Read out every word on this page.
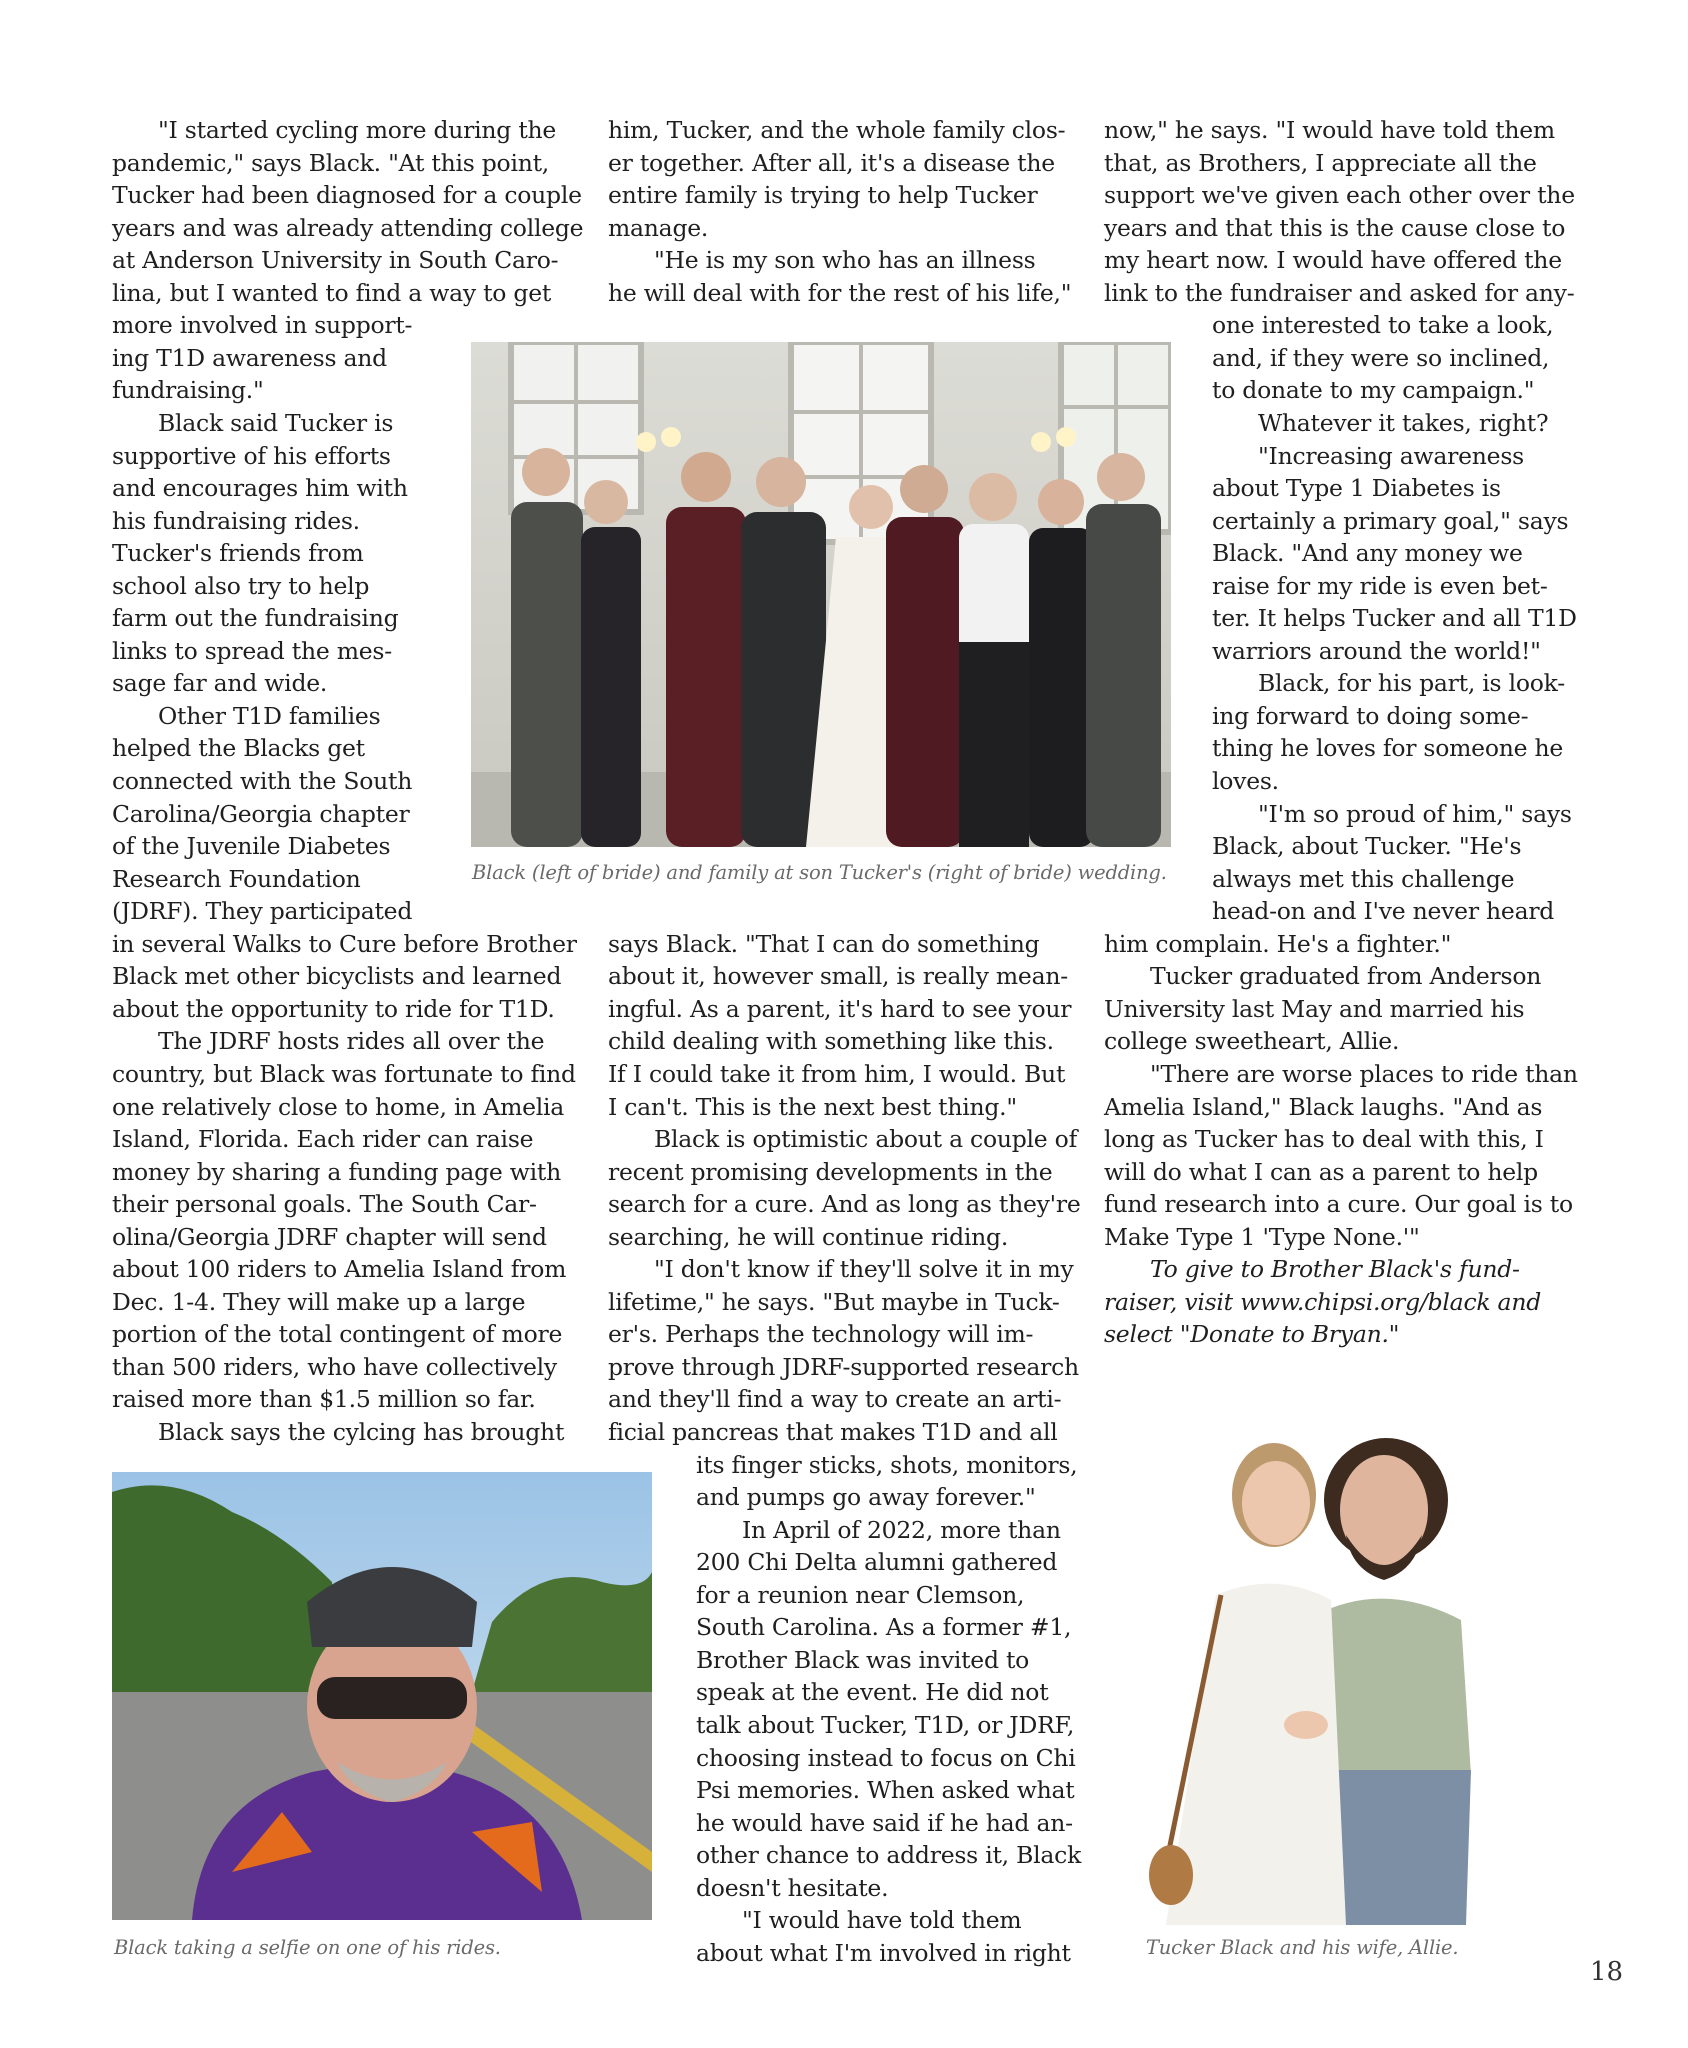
Black (left of bride) and family at son Tucker's (right of bride) wedding.
Black taking a selfie on one of his rides.	Tucker Black and his wife, Allie.
"I started cycling more during the
pandemic," says Black. "At this point,
Tucker had been diagnosed for a couple
years and was already attending college
at Anderson University in South Caro-
lina, but I wanted to find a way to get
more involved in support-
ing T1D awareness and
fundraising."
Black said Tucker is
supportive of his efforts
and encourages him with
his fundraising rides.
Tucker's friends from
school also try to help
farm out the fundraising
links to spread the mes-
sage far and wide.
Other T1D families
helped the Blacks get
connected with the South
Carolina/Georgia chapter
of the Juvenile Diabetes
Research Foundation
(JDRF). They participated
in several Walks to Cure before Brother
Black met other bicyclists and learned
about the opportunity to ride for T1D.
The JDRF hosts rides all over the
country, but Black was fortunate to find
one relatively close to home, in Amelia
Island, Florida. Each rider can raise
money by sharing a funding page with
their personal goals. The South Car-
olina/Georgia JDRF chapter will send
about 100 riders to Amelia Island from
Dec. 1-4. They will make up a large
portion of the total contingent of more
than 500 riders, who have collectively
raised more than $1.5 million so far.
Black says the cylcing has brought
him, Tucker, and the whole family clos-
er together. After all, it's a disease the
entire family is trying to help Tucker
manage.
"He is my son who has an illness
he will deal with for the rest of his life,"
says Black. "That I can do something
about it, however small, is really mean-
ingful. As a parent, it's hard to see your
child dealing with something like this.
If I could take it from him, I would. But
I can't. This is the next best thing."
Black is optimistic about a couple of
recent promising developments in the
search for a cure. And as long as they're
searching, he will continue riding.
"I don't know if they'll solve it in my
lifetime," he says. "But maybe in Tuck-
er's. Perhaps the technology will im-
prove through JDRF-supported research
and they'll find a way to create an arti-
ficial pancreas that makes T1D and all
its finger sticks, shots, monitors,
and pumps go away forever."
In April of 2022, more than
200 Chi Delta alumni gathered
for a reunion near Clemson,
South Carolina. As a former #1,
Brother Black was invited to
speak at the event. He did not
talk about Tucker, T1D, or JDRF,
choosing instead to focus on Chi
Psi memories. When asked what
he would have said if he had an-
other chance to address it, Black
doesn't hesitate.
"I would have told them
about what I'm involved in right
now," he says. "I would have told them
that, as Brothers, I appreciate all the
support we've given each other over the
years and that this is the cause close to
my heart now. I would have offered the
link to the fundraiser and asked for any-
one interested to take a look,
and, if they were so inclined,
to donate to my campaign."
Whatever it takes, right?
"Increasing awareness
about Type 1 Diabetes is
certainly a primary goal," says
Black. "And any money we
raise for my ride is even bet-
ter. It helps Tucker and all T1D
warriors around the world!"
Black, for his part, is look-
ing forward to doing some-
thing he loves for someone he
loves.
"I'm so proud of him," says
Black, about Tucker. "He's
always met this challenge
head-on and I've never heard
him complain. He's a fighter."
Tucker graduated from Anderson
University last May and married his
college sweetheart, Allie.
"There are worse places to ride than
Amelia Island," Black laughs. "And as
long as Tucker has to deal with this, I
will do what I can as a parent to help
fund research into a cure. Our goal is to
Make Type 1 'Type None.'"
To give to Brother Black's fund-
raiser, visit www.chipsi.org/black and
select "Donate to Bryan."
18
